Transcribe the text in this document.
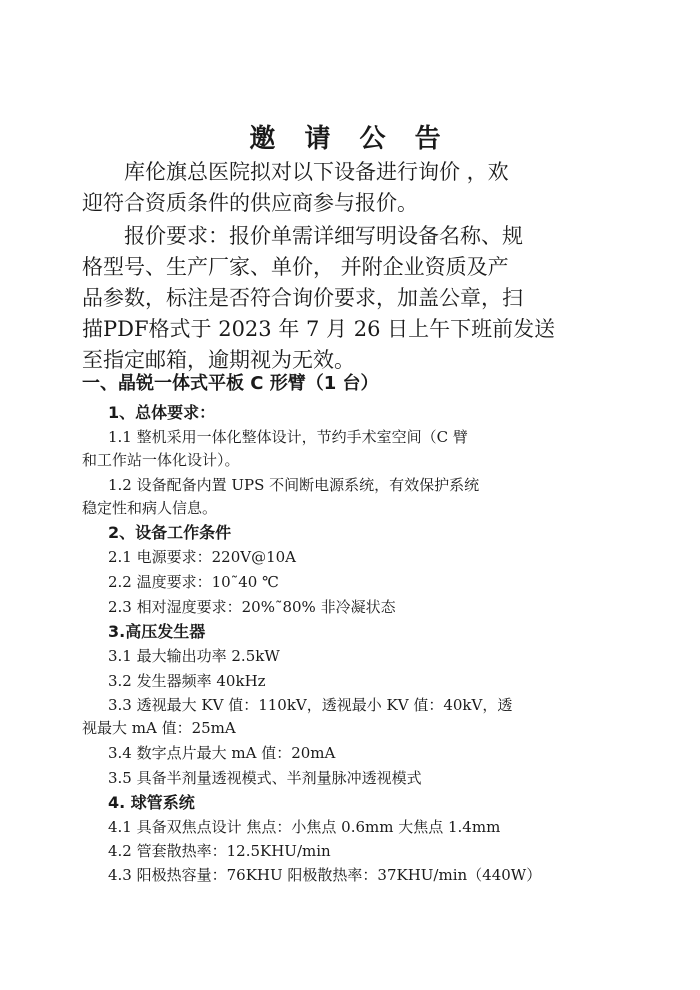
邀 请 公 告
库伦旗总医院拟对以下设备进行询价 ，欢
迎符合资质条件的供应商参与报价。
报价要求：报价单需详细写明设备名称、规
格型号、生产厂家、单价， 并附企业资质及产
品参数，标注是否符合询价要求，加盖公章，扫
描PDF格式于 2023 年 7 月 26 日上午下班前发送
至指定邮箱，逾期视为无效。
一、晶锐一体式平板 C 形臂（1 台）
1、总体要求：
1.1 整机采用一体化整体设计，节约手术室空间（C 臂
和工作站一体化设计）。
1.2 设备配备内置 UPS 不间断电源系统，有效保护系统
稳定性和病人信息。
2、设备工作条件
2.1 电源要求：220V@10A
2.2 温度要求：10˜40 ℃
2.3 相对湿度要求：20%˜80% 非冷凝状态
3.高压发生器
3.1 最大输出功率 2.5kW
3.2 发生器频率 40kHz
3.3 透视最大 KV 值：110kV，透视最小 KV 值：40kV，透
视最大 mA 值：25mA
3.4 数字点片最大 mA 值：20mA
3.5 具备半剂量透视模式、半剂量脉冲透视模式
4. 球管系统
4.1 具备双焦点设计 焦点：小焦点 0.6mm 大焦点 1.4mm
4.2 管套散热率：12.5KHU/min
4.3 阳极热容量：76KHU 阳极散热率：37KHU/min（440W）
